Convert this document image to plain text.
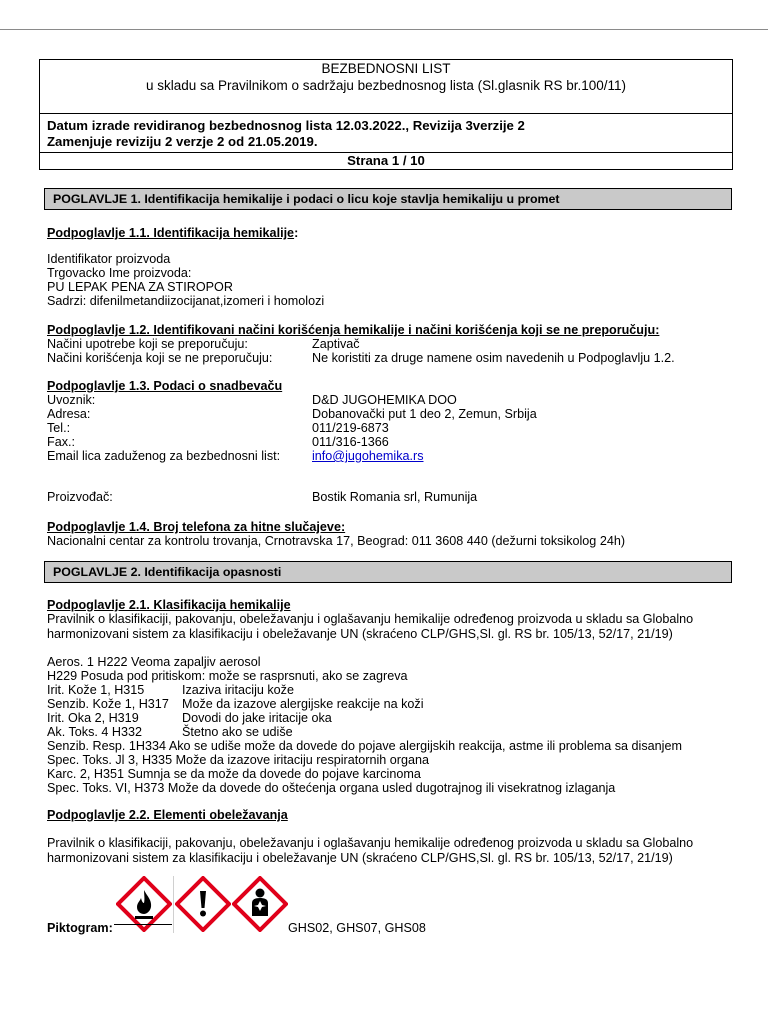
BEZBEDNOSNI LIST
u skladu sa Pravilnikom o sadržaju bezbednosnog lista (Sl.glasnik RS br.100/11)
Datum izrade revidiranog bezbednosnog lista 12.03.2022., Revizija 3verzije 2
Zamenjuje reviziju 2 verzje 2 od 21.05.2019.
Strana 1 / 10
POGLAVLJE 1. Identifikacija hemikalije i podaci o licu koje stavlja hemikaliju u promet
Podpoglavlje 1.1. Identifikacija hemikalije:
Identifikator proizvoda
Trgovacko Ime proizvoda:
PU LEPAK PENA ZA STIROPOR
Sadrzi: difenilmetandiizocijanat,izomeri i homolozi
Podpoglavlje 1.2. Identifikovani načini korišćenja hemikalije i načini korišćenja koji se ne preporučuju:
Načini upotrebe koji se preporučuju:	Zaptivač
Načini korišćenja koji se ne preporučuju:	Ne koristiti za druge namene osim navedenih u Podpoglavlju 1.2.
Podpoglavlje 1.3. Podaci o snadbevaču
Uvoznik:	D&D JUGOHEMIKA DOO
Adresa:	Dobanovački put 1 deo 2, Zemun, Srbija
Tel.:	011/219-6873
Fax.:	011/316-1366
Email lica zaduženog za bezbednosni list:	info@jugohemika.rs
Proizvođač:	Bostik Romania srl, Rumunija
Podpoglavlje 1.4. Broj telefona za hitne slučajeve:
Nacionalni centar za kontrolu trovanja, Crnotravska 17, Beograd: 011 3608 440 (dežurni toksikolog 24h)
POGLAVLJE 2. Identifikacija opasnosti
Podpoglavlje 2.1. Klasifikacija hemikalije
Pravilnik o klasifikaciji, pakovanju, obeležavanju i oglašavanju hemikalije određenog proizvoda u skladu sa Globalno
harmonizovani sistem za klasifikaciju i obeležavanje UN (skraćeno CLP/GHS,Sl. gl. RS br. 105/13, 52/17, 21/19)
Aeros. 1 H222 Veoma zapaljiv aerosol
H229 Posuda pod pritiskom: može se rasprsnuti, ako se zagreva
Irit. Kože 1, H315	Izaziva iritaciju kože
Senzib. Kože 1, H317 Može da izazove alergijske reakcije na koži
Irit. Oka 2, H319	Dovodi do jake iritacije oka
Ak. Toks. 4 H332	Štetno ako se udiše
Senzib. Resp. 1H334 Ako se udiše može da dovede do pojave alergijskih reakcija, astme ili problema sa disanjem
Spec. Toks. Jl 3, H335 Može da izazove iritaciju respiratornih organa
Karc. 2, H351 Sumnja se da može da dovede do pojave karcinoma
Spec. Toks. VI, H373 Može da dovede do oštećenja organa usled dugotrajnog ili visekratnog izlaganja
Podpoglavlje 2.2. Elementi obeležavanja
Pravilnik o klasifikaciji, pakovanju, obeležavanju i oglašavanju hemikalije određenog proizvoda u skladu sa Globalno
harmonizovani sistem za klasifikaciju i obeležavanje UN (skraćeno CLP/GHS,Sl. gl. RS br. 105/13, 52/17, 21/19)
Piktogram:	GHS02, GHS07, GHS08
